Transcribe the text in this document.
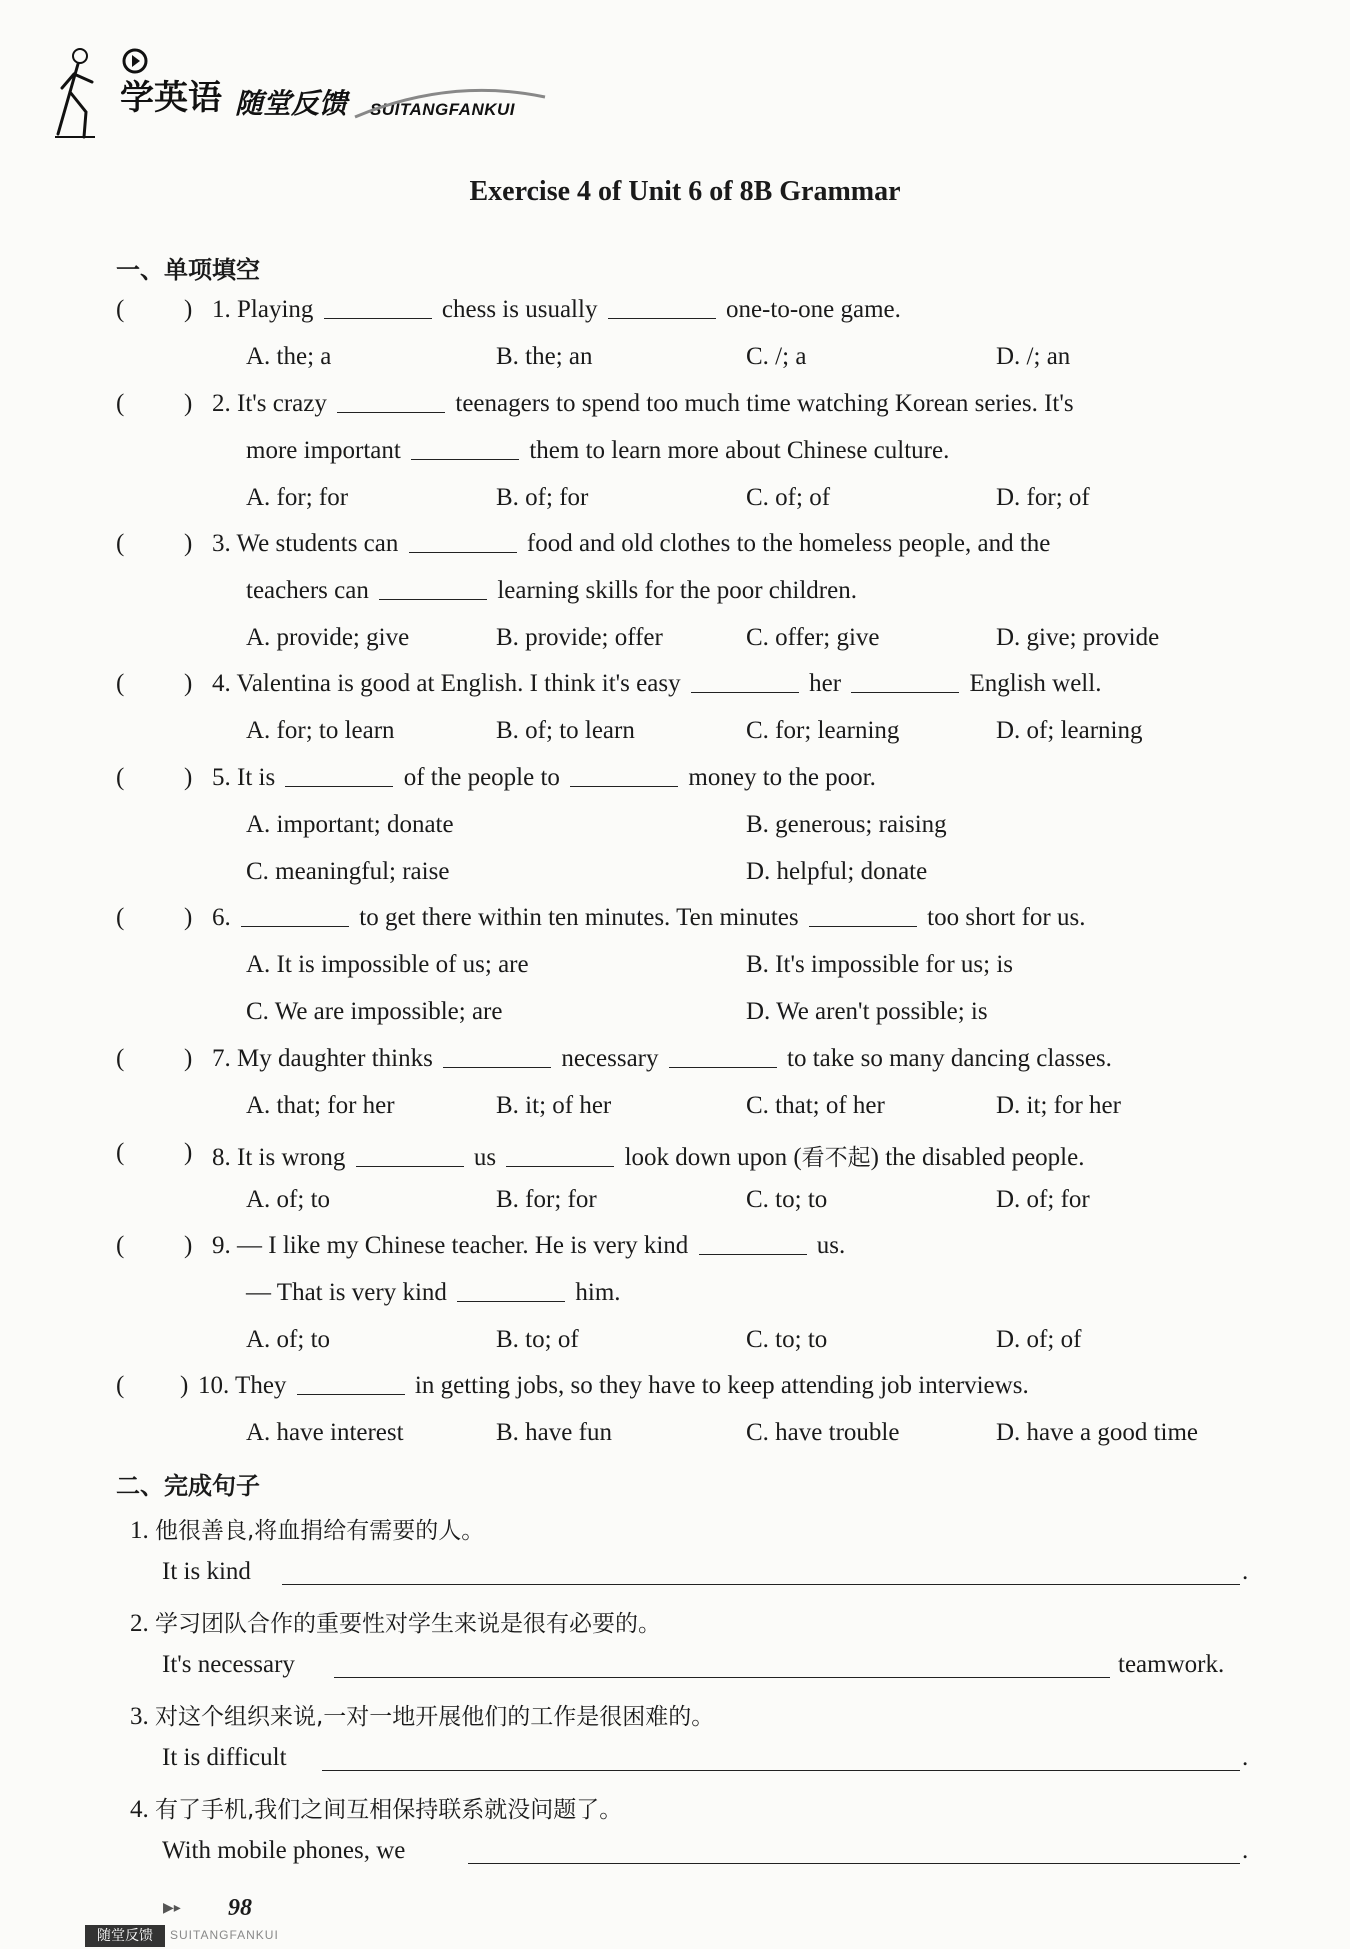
学英语 随堂反馈 SUITANGFANKUI
Exercise 4 of Unit 6 of 8B Grammar
一、单项填空
( ) 1. Playing	chess is usually	one-to-one game.
A. the; a	B. the; an	C. /; a	D. /; an
( ) 2. It's crazy	teenagers to spend too much time watching Korean series. It's
more important	them to learn more about Chinese culture.
A. for; for	B. of; for	C. of; of	D. for; of
( ) 3. We students can	food and old clothes to the homeless people, and the
teachers can	learning skills for the poor children.
A. provide; give	B. provide; offer	C. offer; give	D. give; provide
( ) 4. Valentina is good at English. I think it's easy	her	English well.
A. for; to learn	B. of; to learn	C. for; learning	D. of; learning
( ) 5. It is	of the people to	money to the poor.
A. important; donate	B. generous; raising
C. meaningful; raise	D. helpful; donate
( ) 6.	to get there within ten minutes. Ten minutes	too short for us.
A. It is impossible of us; are	B. It's impossible for us; is
C. We are impossible; are	D. We aren't possible; is
( ) 7. My daughter thinks	necessary	to take so many dancing classes.
A. that; for her	B. it; of her	C. that; of her	D. it; for her
( ) 8. It is wrong	us	look down upon (看不起) the disabled people.
A. of; to	B. for; for	C. to; to	D. of; for
( ) 9. — I like my Chinese teacher. He is very kind	us.
— That is very kind	him.
A. of; to	B. to; of	C. to; to	D. of; of
( ) 10. They	in getting jobs, so they have to keep attending job interviews.
A. have interest	B. have fun	C. have trouble	D. have a good time
二、完成句子
1. 他很善良,将血捐给有需要的人。
It is kind	.
2. 学习团队合作的重要性对学生来说是很有必要的。
It's necessary	teamwork.
3. 对这个组织来说,一对一地开展他们的工作是很困难的。
It is difficult	.
4. 有了手机,我们之间互相保持联系就没问题了。
With mobile phones, we	.
▶▸ 98
随堂反馈	SUITANGFANKUI
